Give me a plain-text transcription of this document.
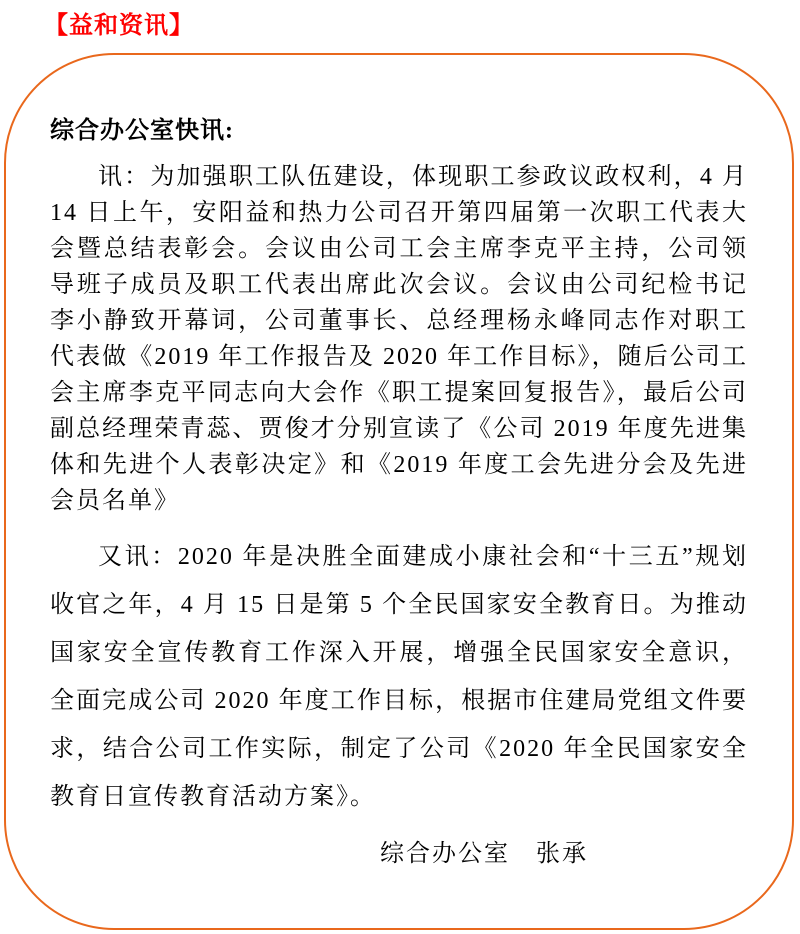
【益和资讯】

综合办公室快讯:

讯：为加强职工队伍建设，体现职工参政议政权利，4 月 14 日上午，安阳益和热力公司召开第四届第一次职工代表大会暨总结表彰会。会议由公司工会主席李克平主持，公司领导班子成员及职工代表出席此次会议。会议由公司纪检书记李小静致开幕词，公司董事长、总经理杨永峰同志作对职工代表做《2019 年工作报告及 2020 年工作目标》，随后公司工会主席李克平同志向大会作《职工提案回复报告》，最后公司副总经理荣青蕊、贾俊才分别宣读了《公司 2019 年度先进集体和先进个人表彰决定》和《2019 年度工会先进分会及先进会员名单》

又讯：2020 年是决胜全面建成小康社会和“十三五”规划收官之年，4 月 15 日是第 5 个全民国家安全教育日。为推动国家安全宣传教育工作深入开展，增强全民国家安全意识，全面完成公司 2020 年度工作目标，根据市住建局党组文件要求，结合公司工作实际，制定了公司《2020 年全民国家安全教育日宣传教育活动方案》。

综合办公室　张承
